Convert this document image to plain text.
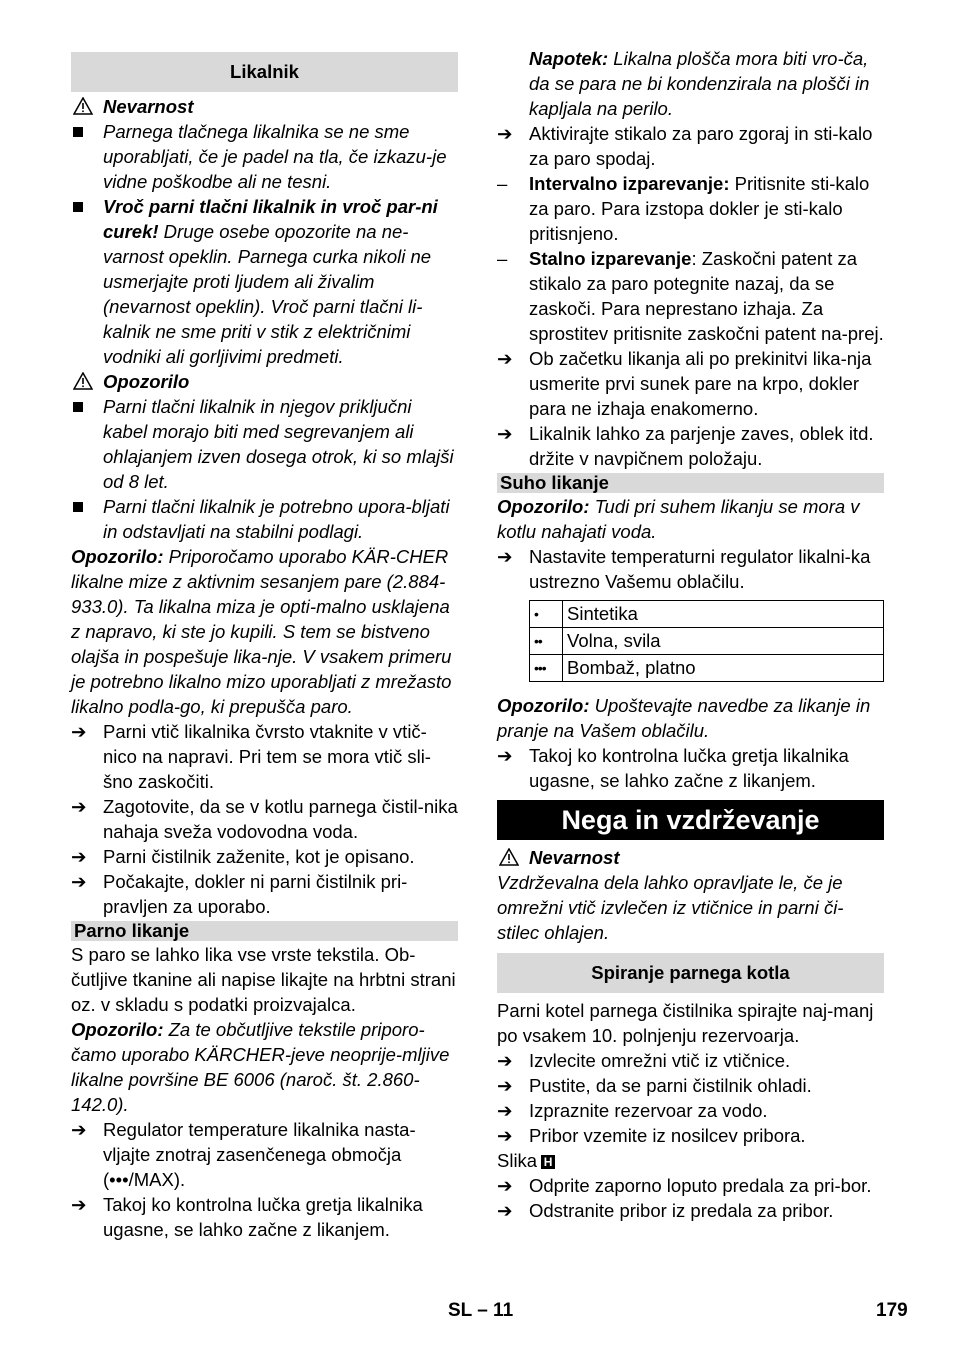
Likalnik
Nevarnost
Parnega tlačnega likalnika se ne sme uporabljati, če je padel na tla, če izkazu-je vidne poškodbe ali ne tesni.
Vroč parni tlačni likalnik in vroč par-ni curek! Druge osebe opozorite na ne-varnost opeklin. Parnega curka nikoli ne usmerjajte proti ljudem ali živalim (nevarnost opeklin). Vroč parni tlačni li-kalnik ne sme priti v stik z električnimi vodniki ali gorljivimi predmeti.
Opozorilo
Parni tlačni likalnik in njegov priključni kabel morajo biti med segrevanjem ali ohlajanjem izven dosega otrok, ki so mlajši od 8 let.
Parni tlačni likalnik je potrebno upora-bljati in odstavljati na stabilni podlagi.
Opozorilo: Priporočamo uporabo KÄR-CHER likalne mize z aktivnim sesanjem pare (2.884-933.0). Ta likalna miza je opti-malno usklajena z napravo, ki ste jo kupili. S tem se bistveno olajša in pospešuje lika-nje. V vsakem primeru je potrebno likalno mizo uporabljati z mrežasto likalno podla-go, ki prepušča paro.
➔ Parni vtič likalnika čvrsto vtaknite v vtič-nico na napravi. Pri tem se mora vtič sli-šno zaskočiti.
➔ Zagotovite, da se v kotlu parnega čistil-nika nahaja sveža vodovodna voda.
➔ Parni čistilnik zaženite, kot je opisano.
➔ Počakajte, dokler ni parni čistilnik pri-pravljen za uporabo.
Parno likanje
S paro se lahko lika vse vrste tekstila. Ob-čutljive tkanine ali napise likajte na hrbtni strani oz. v skladu s podatki proizvajalca.
Opozorilo: Za te občutljive tekstile priporo-čamo uporabo KÄRCHER-jeve neoprije-mljive likalne površine BE 6006 (naroč. št. 2.860-142.0).
➔ Regulator temperature likalnika nasta-vljajte znotraj zasenčenega območja (•••/MAX).
➔ Takoj ko kontrolna lučka gretja likalnika ugasne, se lahko začne z likanjem.
Napotek: Likalna plošča mora biti vro-ča, da se para ne bi kondenzirala na plošči in kapljala na perilo.
➔ Aktivirajte stikalo za paro zgoraj in sti-kalo za paro spodaj.
–	Intervalno izparevanje: Pritisnite sti-kalo za paro. Para izstopa dokler je sti-kalo pritisnjeno.
–	Stalno izparevanje: Zaskočni patent za stikalo za paro potegnite nazaj, da se zaskoči. Para neprestano izhaja. Za sprostitev pritisnite zaskočni patent na-prej.
➔ Ob začetku likanja ali po prekinitvi lika-nja usmerite prvi sunek pare na krpo, dokler para ne izhaja enakomerno.
➔ Likalnik lahko za parjenje zaves, oblek itd. držite v navpičnem položaju.
Suho likanje
Opozorilo: Tudi pri suhem likanju se mora v kotlu nahajati voda.
➔ Nastavite temperaturni regulator likalni-ka ustrezno Vašemu oblačilu.
•	Sintetika
••	Volna, svila
•••	Bombaž, platno
Opozorilo: Upoštevajte navedbe za likanje in pranje na Vašem oblačilu.
➔ Takoj ko kontrolna lučka gretja likalnika ugasne, se lahko začne z likanjem.
Nega in vzdrževanje
Nevarnost
Vzdrževalna dela lahko opravljate le, če je omrežni vtič izvlečen iz vtičnice in parni či-stilec ohlajen.
Spiranje parnega kotla
Parni kotel parnega čistilnika spirajte naj-manj po vsakem 10. polnjenju rezervoarja.
➔ Izvlecite omrežni vtič iz vtičnice.
➔ Pustite, da se parni čistilnik ohladi.
➔ Izpraznite rezervoar za vodo.
➔ Pribor vzemite iz nosilcev pribora.
Slika H
➔ Odprite zaporno loputo predala za pri-bor.
➔ Odstranite pribor iz predala za pribor.
SL – 11	179
